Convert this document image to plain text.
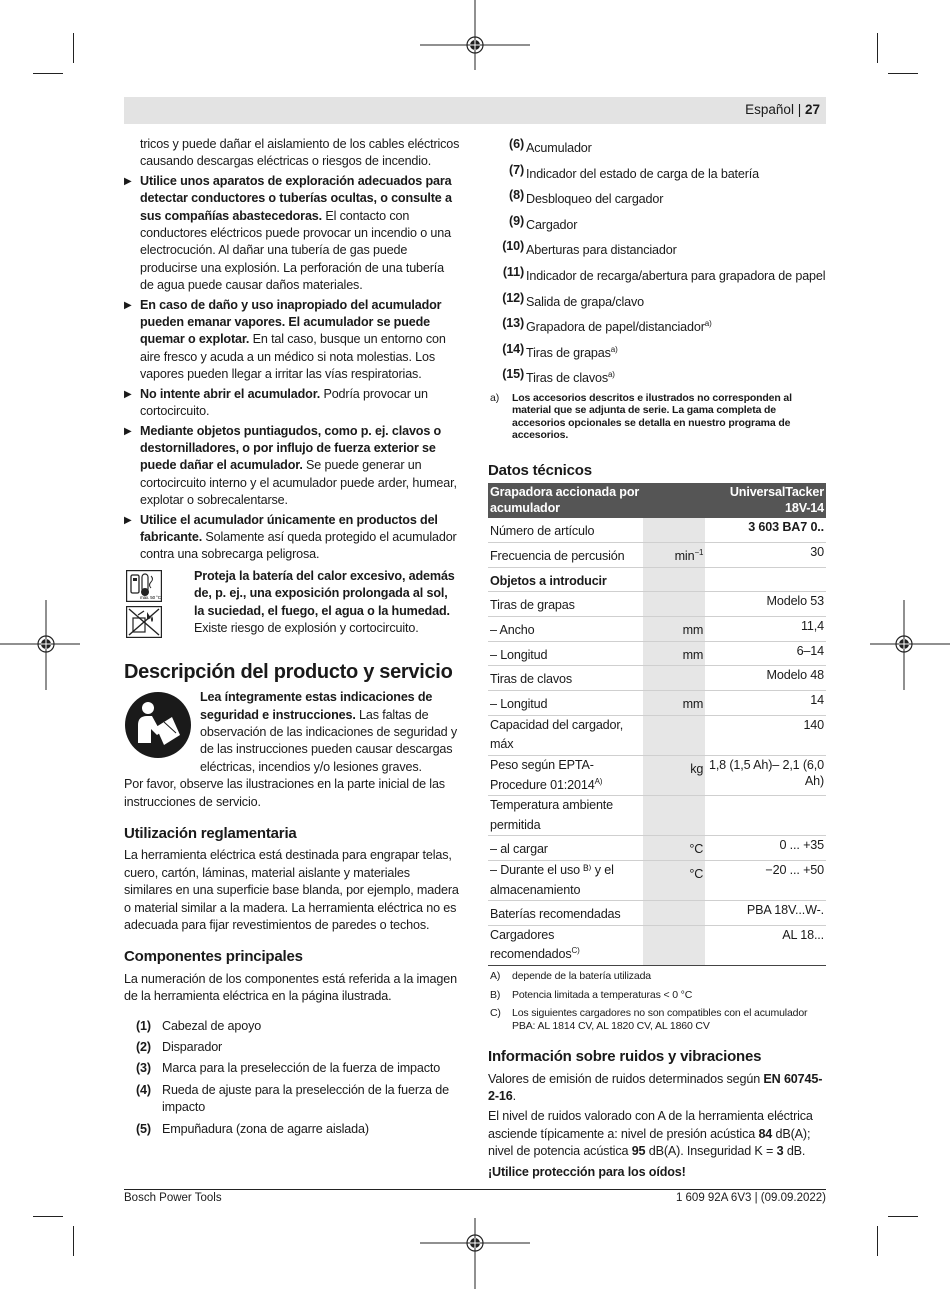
Español | 27

tricos y puede dañar el aislamiento de los cables eléctricos causando descargas eléctricas o riesgos de incendio.

▶ Utilice unos aparatos de exploración adecuados para detectar conductores o tuberías ocultas, o consulte a sus compañías abastecedoras. El contacto con conductores eléctricos puede provocar un incendio o una electrocución. Al dañar una tubería de gas puede producirse una explosión. La perforación de una tubería de agua puede causar daños materiales.
▶ En caso de daño y uso inapropiado del acumulador pueden emanar vapores. El acumulador se puede quemar o explotar. En tal caso, busque un entorno con aire fresco y acuda a un médico si nota molestias. Los vapores pueden llegar a irritar las vías respiratorias.
▶ No intente abrir el acumulador. Podría provocar un cortocircuito.
▶ Mediante objetos puntiagudos, como p. ej. clavos o destornilladores, o por influjo de fuerza exterior se puede dañar el acumulador. Se puede generar un cortocircuito interno y el acumulador puede arder, humear, explotar o sobrecalentarse.
▶ Utilice el acumulador únicamente en productos del fabricante. Solamente así queda protegido el acumulador contra una sobrecarga peligrosa.
max. 50 °C
Proteja la batería del calor excesivo, además de, p. ej., una exposición prolongada al sol, la suciedad, el fuego, el agua o la humedad. Existe riesgo de explosión y cortocircuito.
Descripción del producto y servicio
Lea íntegramente estas indicaciones de seguridad e instrucciones. Las faltas de observación de las indicaciones de seguridad y de las instrucciones pueden causar descargas eléctricas, incendios y/o lesiones graves.

Por favor, observe las ilustraciones en la parte inicial de las instrucciones de servicio.

Utilización reglamentaria

La herramienta eléctrica está destinada para engrapar telas, cuero, cartón, láminas, material aislante y materiales similares en una superficie base blanda, por ejemplo, madera o material similar a la madera. La herramienta eléctrica no es adecuada para fijar revestimientos de paredes o techos.

Componentes principales

La numeración de los componentes está referida a la imagen de la herramienta eléctrica en la página ilustrada.

(1) Cabezal de apoyo
(2) Disparador
(3) Marca para la preselección de la fuerza de impacto
(4) Rueda de ajuste para la preselección de la fuerza de impacto
(5) Empuñadura (zona de agarre aislada)
(6) Acumulador
(7) Indicador del estado de carga de la batería
(8) Desbloqueo del cargador
(9) Cargador
(10) Aberturas para distanciador
(11) Indicador de recarga/abertura para grapadora de papel
(12) Salida de grapa/clavo
(13) Grapadora de papel/distanciador$^{a)}$
(14) Tiras de grapas$^{a)}$
(15) Tiras de clavos$^{a)}$
a) Los accesorios descritos e ilustrados no corresponden al material que se adjunta de serie. La gama completa de accesorios opcionales se detalla en nuestro programa de accesorios.
Datos técnicos
Grapadora accionada por acumulador		UniversalTacker 18V-14
Número de artículo		3 603 BA7 0..
Frecuencia de percusión	$\min^{-1}$	30
Objetos a introducir		
Tiras de grapas		Modelo 53
– Ancho	mm	11,4
– Longitud	mm	6–14
Tiras de clavos		Modelo 48
– Longitud	mm	14
Capacidad del cargador, máx		140
Peso según EPTA-Procedure $01:2014^{A)}$	kg	1,8 (1,5 Ah)– 2,1 (6,0 Ah)
Temperatura ambiente permitida		
– al cargar	°C	0 ... +35
– Durante el uso ᴮ⁾ y el almacenamiento	°C	−20 ... +50
Baterías recomendadas		PBA 18V...W-.
Cargadores recomendados$^{C)}$		AL 18...
A) depende de la batería utilizada
B) Potencia limitada a temperaturas < 0 °C
C) Los siguientes cargadores no son compatibles con el acumulador PBA: AL 1814 CV, AL 1820 CV, AL 1860 CV
Información sobre ruidos y vibraciones

Valores de emisión de ruidos determinados según EN 60745-2-16.

El nivel de ruidos valorado con A de la herramienta eléctrica asciende típicamente a: nivel de presión acústica 84 dB(A); nivel de potencia acústica 95 dB(A). Inseguridad K = 3 dB.

¡Utilice protección para los oídos!

Bosch Power Tools	1 609 92A 6V3 | (09.09.2022)
